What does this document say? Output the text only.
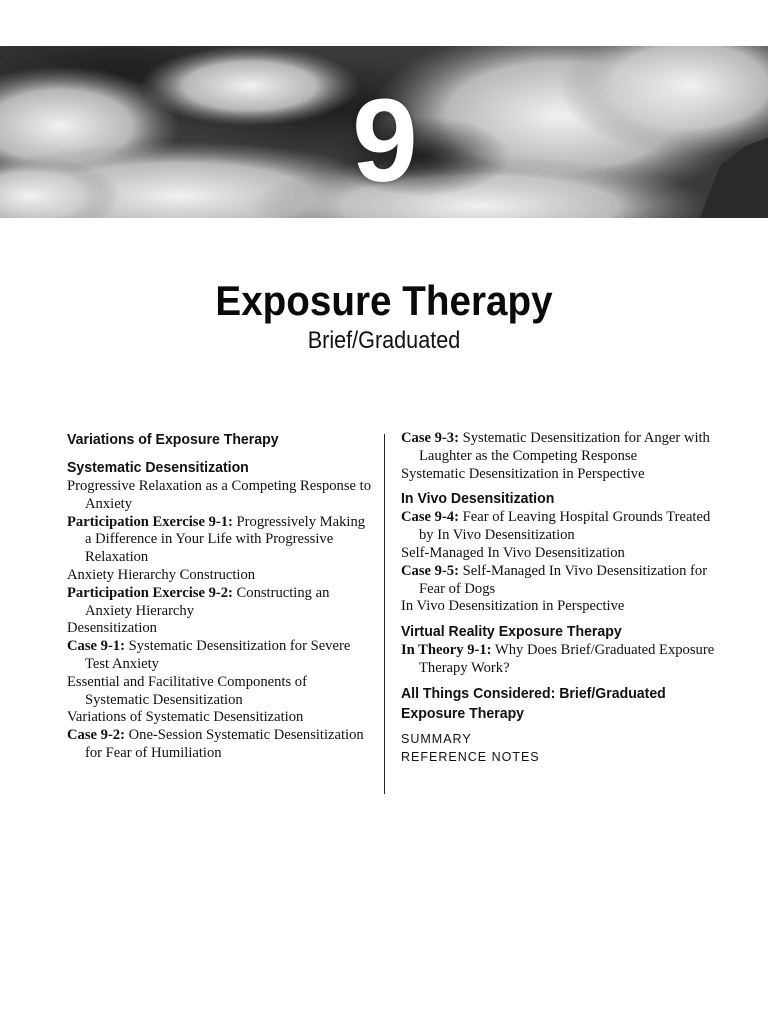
9
Exposure Therapy
Brief/Graduated

Variations of Exposure Therapy

Systematic Desensitization

Progressive Relaxation as a Competing Response to Anxiety

Participation Exercise 9-1: Progressively Making a Difference in Your Life with Progressive Relaxation

Anxiety Hierarchy Construction

Participation Exercise 9-2: Constructing an Anxiety Hierarchy

Desensitization

Case 9-1: Systematic Desensitization for Severe Test Anxiety

Essential and Facilitative Components of Systematic Desensitization

Variations of Systematic Desensitization

Case 9-2: One-Session Systematic Desensitization for Fear of Humiliation

Case 9-3: Systematic Desensitization for Anger with Laughter as the Competing Response

Systematic Desensitization in Perspective

In Vivo Desensitization

Case 9-4: Fear of Leaving Hospital Grounds Treated by In Vivo Desensitization

Self-Managed In Vivo Desensitization

Case 9-5: Self-Managed In Vivo Desensitization for Fear of Dogs

In Vivo Desensitization in Perspective

Virtual Reality Exposure Therapy

In Theory 9-1: Why Does Brief/Graduated Exposure Therapy Work?

All Things Considered: Brief/Graduated
Exposure Therapy

SUMMARY

REFERENCE NOTES
